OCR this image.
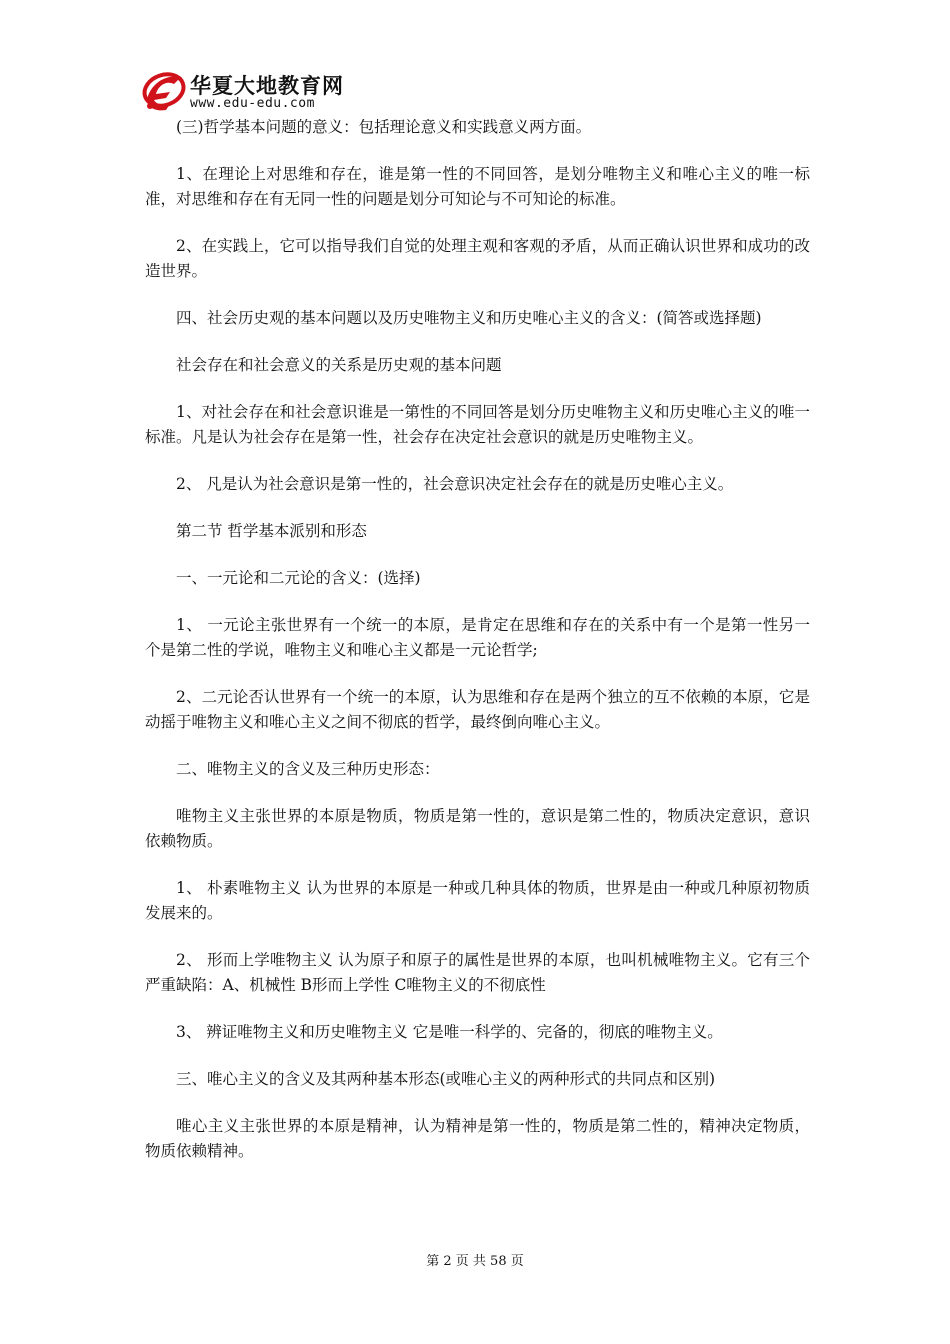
华夏大地教育网
www.edu-edu.com

(三)哲学基本问题的意义：包括理论意义和实践意义两方面。

1、在理论上对思维和存在，谁是第一性的不同回答，是划分唯物主义和唯心主义的唯一标准，对思维和存在有无同一性的问题是划分可知论与不可知论的标准。

2、在实践上，它可以指导我们自觉的处理主观和客观的矛盾，从而正确认识世界和成功的改造世界。

四、社会历史观的基本问题以及历史唯物主义和历史唯心主义的含义：(简答或选择题)

社会存在和社会意义的关系是历史观的基本问题

1、对社会存在和社会意识谁是一第性的不同回答是划分历史唯物主义和历史唯心主义的唯一标准。凡是认为社会存在是第一性，社会存在决定社会意识的就是历史唯物主义。

2、 凡是认为社会意识是第一性的，社会意识决定社会存在的就是历史唯心主义。

第二节 哲学基本派别和形态

一、一元论和二元论的含义：(选择)

1、 一元论主张世界有一个统一的本原，是肯定在思维和存在的关系中有一个是第一性另一个是第二性的学说，唯物主义和唯心主义都是一元论哲学;

2、二元论否认世界有一个统一的本原，认为思维和存在是两个独立的互不依赖的本原，它是动摇于唯物主义和唯心主义之间不彻底的哲学，最终倒向唯心主义。

二、唯物主义的含义及三种历史形态：

唯物主义主张世界的本原是物质，物质是第一性的，意识是第二性的，物质决定意识，意识依赖物质。

1、 朴素唯物主义 认为世界的本原是一种或几种具体的物质，世界是由一种或几种原初物质发展来的。

2、 形而上学唯物主义 认为原子和原子的属性是世界的本原，也叫机械唯物主义。它有三个严重缺陷：A、机械性 B形而上学性 C唯物主义的不彻底性

3、 辨证唯物主义和历史唯物主义 它是唯一科学的、完备的，彻底的唯物主义。

三、唯心主义的含义及其两种基本形态(或唯心主义的两种形式的共同点和区别)

唯心主义主张世界的本原是精神，认为精神是第一性的，物质是第二性的，精神决定物质，物质依赖精神。

第 2 页 共 58 页
